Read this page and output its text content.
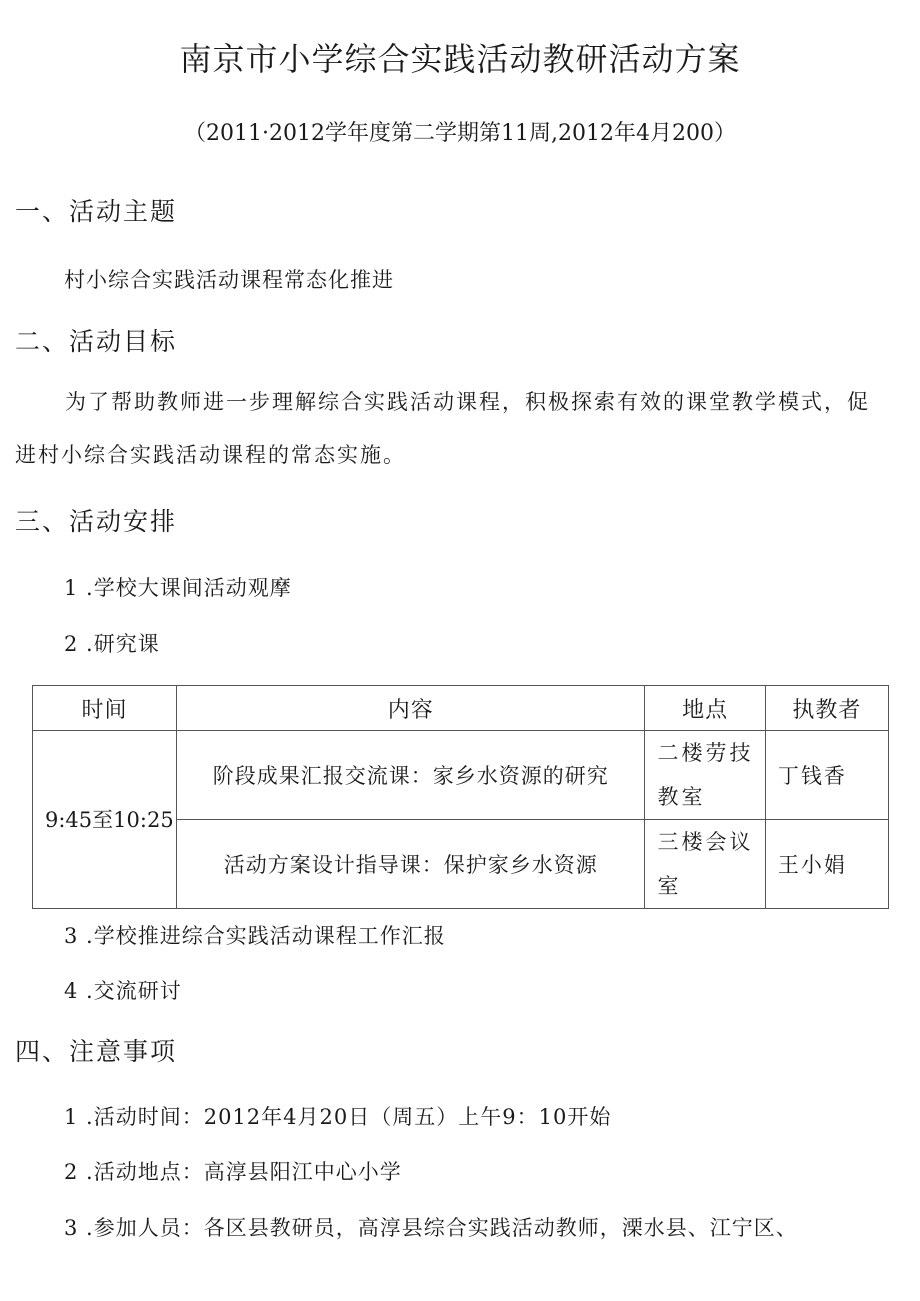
南京市小学综合实践活动教研活动方案
（2011·2012学年度第二学期第11周,2012年4月200）
一、活动主题
村小综合实践活动课程常态化推进
二、活动目标
为了帮助教师进一步理解综合实践活动课程，积极探索有效的课堂教学模式，促进村小综合实践活动课程的常态实施。
三、活动安排
1 .学校大课间活动观摩
2 .研究课
时间	内容	地点	执教者
9:45至10:25	阶段成果汇报交流课：家乡水资源的研究	二楼劳技教室	丁钱香
	活动方案设计指导课：保护家乡水资源	三楼会议室	王小娟
3 .学校推进综合实践活动课程工作汇报
4 .交流研讨
四、注意事项
1 .活动时间：2012年4月20日（周五）上午9：10开始
2 .活动地点：高淳县阳江中心小学
3 .参加人员：各区县教研员，高淳县综合实践活动教师，溧水县、江宁区、
